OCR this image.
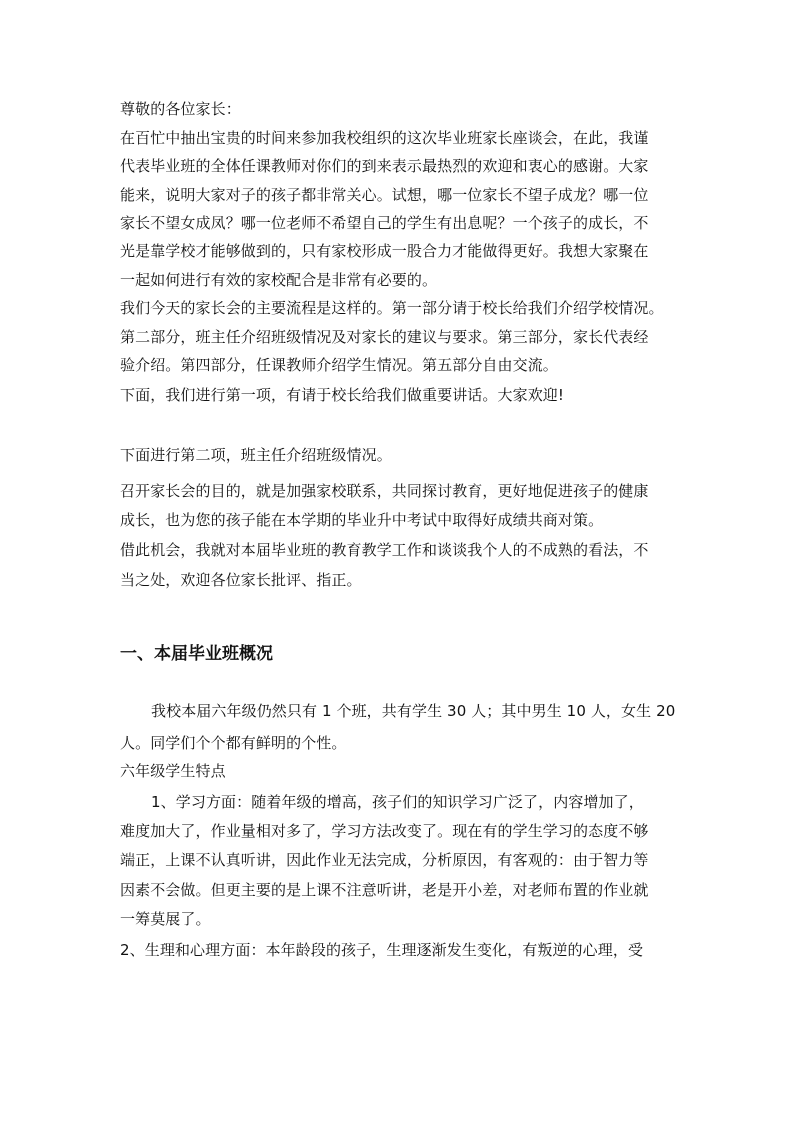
尊敬的各位家长：
在百忙中抽出宝贵的时间来参加我校组织的这次毕业班家长座谈会，在此，我谨
代表毕业班的全体任课教师对你们的到来表示最热烈的欢迎和衷心的感谢。大家
能来，说明大家对子的孩子都非常关心。试想，哪一位家长不望子成龙？哪一位
家长不望女成凤？哪一位老师不希望自己的学生有出息呢？一个孩子的成长，不
光是靠学校才能够做到的，只有家校形成一股合力才能做得更好。我想大家聚在
一起如何进行有效的家校配合是非常有必要的。
我们今天的家长会的主要流程是这样的。第一部分请于校长给我们介绍学校情况。
第二部分，班主任介绍班级情况及对家长的建议与要求。第三部分，家长代表经
验介绍。第四部分，任课教师介绍学生情况。第五部分自由交流。
下面，我们进行第一项，有请于校长给我们做重要讲话。大家欢迎!
下面进行第二项，班主任介绍班级情况。
召开家长会的目的，就是加强家校联系，共同探讨教育，更好地促进孩子的健康
成长，也为您的孩子能在本学期的毕业升中考试中取得好成绩共商对策。
借此机会，我就对本届毕业班的教育教学工作和谈谈我个人的不成熟的看法，不
当之处，欢迎各位家长批评、指正。
一、本届毕业班概况
我校本届六年级仍然只有 1 个班，共有学生 30 人；其中男生 10 人，女生 20
人。同学们个个都有鲜明的个性。
六年级学生特点
1、学习方面：随着年级的增高，孩子们的知识学习广泛了，内容增加了，
难度加大了，作业量相对多了，学习方法改变了。现在有的学生学习的态度不够
端正，上课不认真听讲，因此作业无法完成，分析原因，有客观的：由于智力等
因素不会做。但更主要的是上课不注意听讲，老是开小差，对老师布置的作业就
一筹莫展了。
2、生理和心理方面：本年龄段的孩子，生理逐渐发生变化，有叛逆的心理，受
